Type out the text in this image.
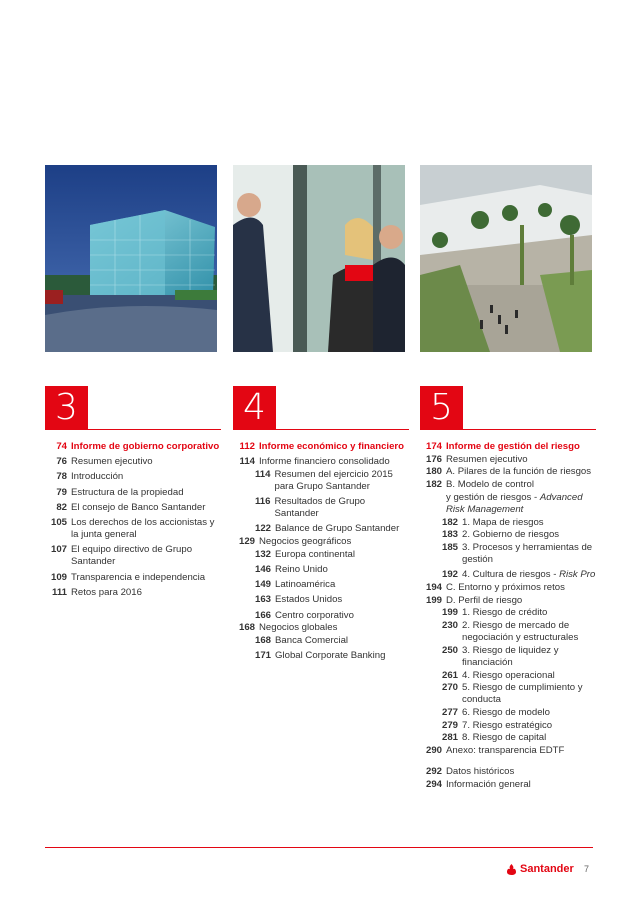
3
74 Informe de gobierno corporativo
76 Resumen ejecutivo
78 Introducción
79 Estructura de la propiedad
82 El consejo de Banco Santander
105 Los derechos de los accionistas y la junta general
107 El equipo directivo de Grupo Santander
109 Transparencia e independencia
111 Retos para 2016
4
112 Informe económico y financiero
114 Informe financiero consolidado
114 Resumen del ejercicio 2015 para Grupo Santander
116 Resultados de Grupo Santander
122 Balance de Grupo Santander
129 Negocios geográficos
132 Europa continental
146 Reino Unido
149 Latinoamérica
163 Estados Unidos
166 Centro corporativo
168 Negocios globales
168 Banca Comercial
171 Global Corporate Banking
5
174 Informe de gestión del riesgo
176 Resumen ejecutivo
180 A. Pilares de la función de riesgos
182 B. Modelo de control
y gestión de riesgos - Advanced Risk Management
182 1. Mapa de riesgos
183 2. Gobierno de riesgos
185 3. Procesos y herramientas de gestión
192 4. Cultura de riesgos - Risk Pro
194 C. Entorno y próximos retos
199 D. Perfil de riesgo
199 1. Riesgo de crédito
230 2. Riesgo de mercado de negociación y estructurales
250 3. Riesgo de liquidez y financiación
261 4. Riesgo operacional
270 5. Riesgo de cumplimiento y conducta
277 6. Riesgo de modelo
279 7. Riesgo estratégico
281 8. Riesgo de capital
290 Anexo: transparencia EDTF
292 Datos históricos
294 Información general
Santander 7
